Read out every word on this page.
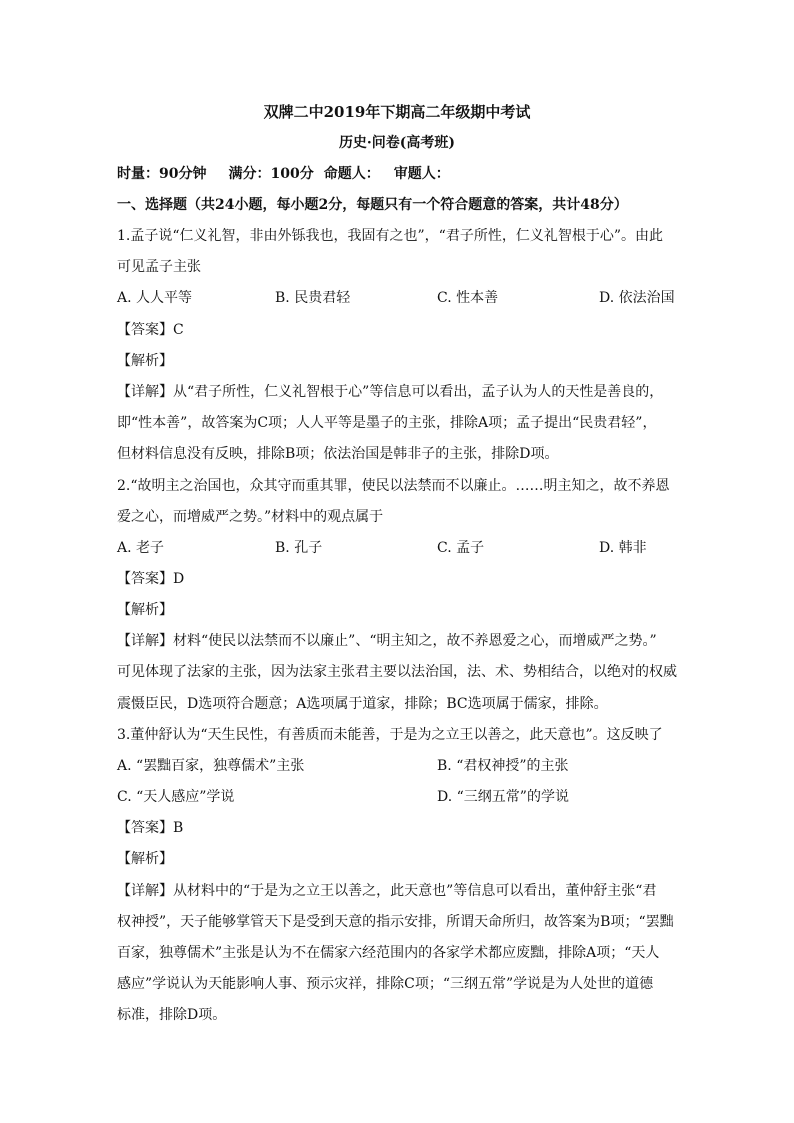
双牌二中2019年下期高二年级期中考试
历史·问卷(高考班)
时量：90分钟 满分：100分 命题人： 审题人：
一、选择题（共24小题，每小题2分，每题只有一个符合题意的答案，共计48分）
1.孟子说“仁义礼智，非由外铄我也，我固有之也”，“君子所性，仁义礼智根于心”。由此
可见孟子主张
A. 人人平等	B. 民贵君轻	C. 性本善	D. 依法治国
【答案】C
【解析】
【详解】从“君子所性，仁义礼智根于心”等信息可以看出，孟子认为人的天性是善良的，
即“性本善”，故答案为C项；人人平等是墨子的主张，排除A项；孟子提出“民贵君轻”，
但材料信息没有反映，排除B项；依法治国是韩非子的主张，排除D项。
2.“故明主之治国也，众其守而重其罪，使民以法禁而不以廉止。……明主知之，故不养恩
爱之心，而增威严之势。”材料中的观点属于
A. 老子	B. 孔子	C. 孟子	D. 韩非
【答案】D
【解析】
【详解】材料“使民以法禁而不以廉止”、“明主知之，故不养恩爱之心，而增威严之势。”
可见体现了法家的主张，因为法家主张君主要以法治国，法、术、势相结合，以绝对的权威
震慑臣民，D选项符合题意；A选项属于道家，排除；BC选项属于儒家，排除。
3.董仲舒认为“天生民性，有善质而未能善，于是为之立王以善之，此天意也”。这反映了
A. “罢黜百家，独尊儒术”主张	B. “君权神授”的主张
C. “天人感应”学说	D. “三纲五常”的学说
【答案】B
【解析】
【详解】从材料中的“于是为之立王以善之，此天意也”等信息可以看出，董仲舒主张“君
权神授”，天子能够掌管天下是受到天意的指示安排，所谓天命所归，故答案为B项；“罢黜
百家，独尊儒术”主张是认为不在儒家六经范围内的各家学术都应废黜，排除A项；“天人
感应”学说认为天能影响人事、预示灾祥，排除C项；“三纲五常”学说是为人处世的道德
标准，排除D项。
